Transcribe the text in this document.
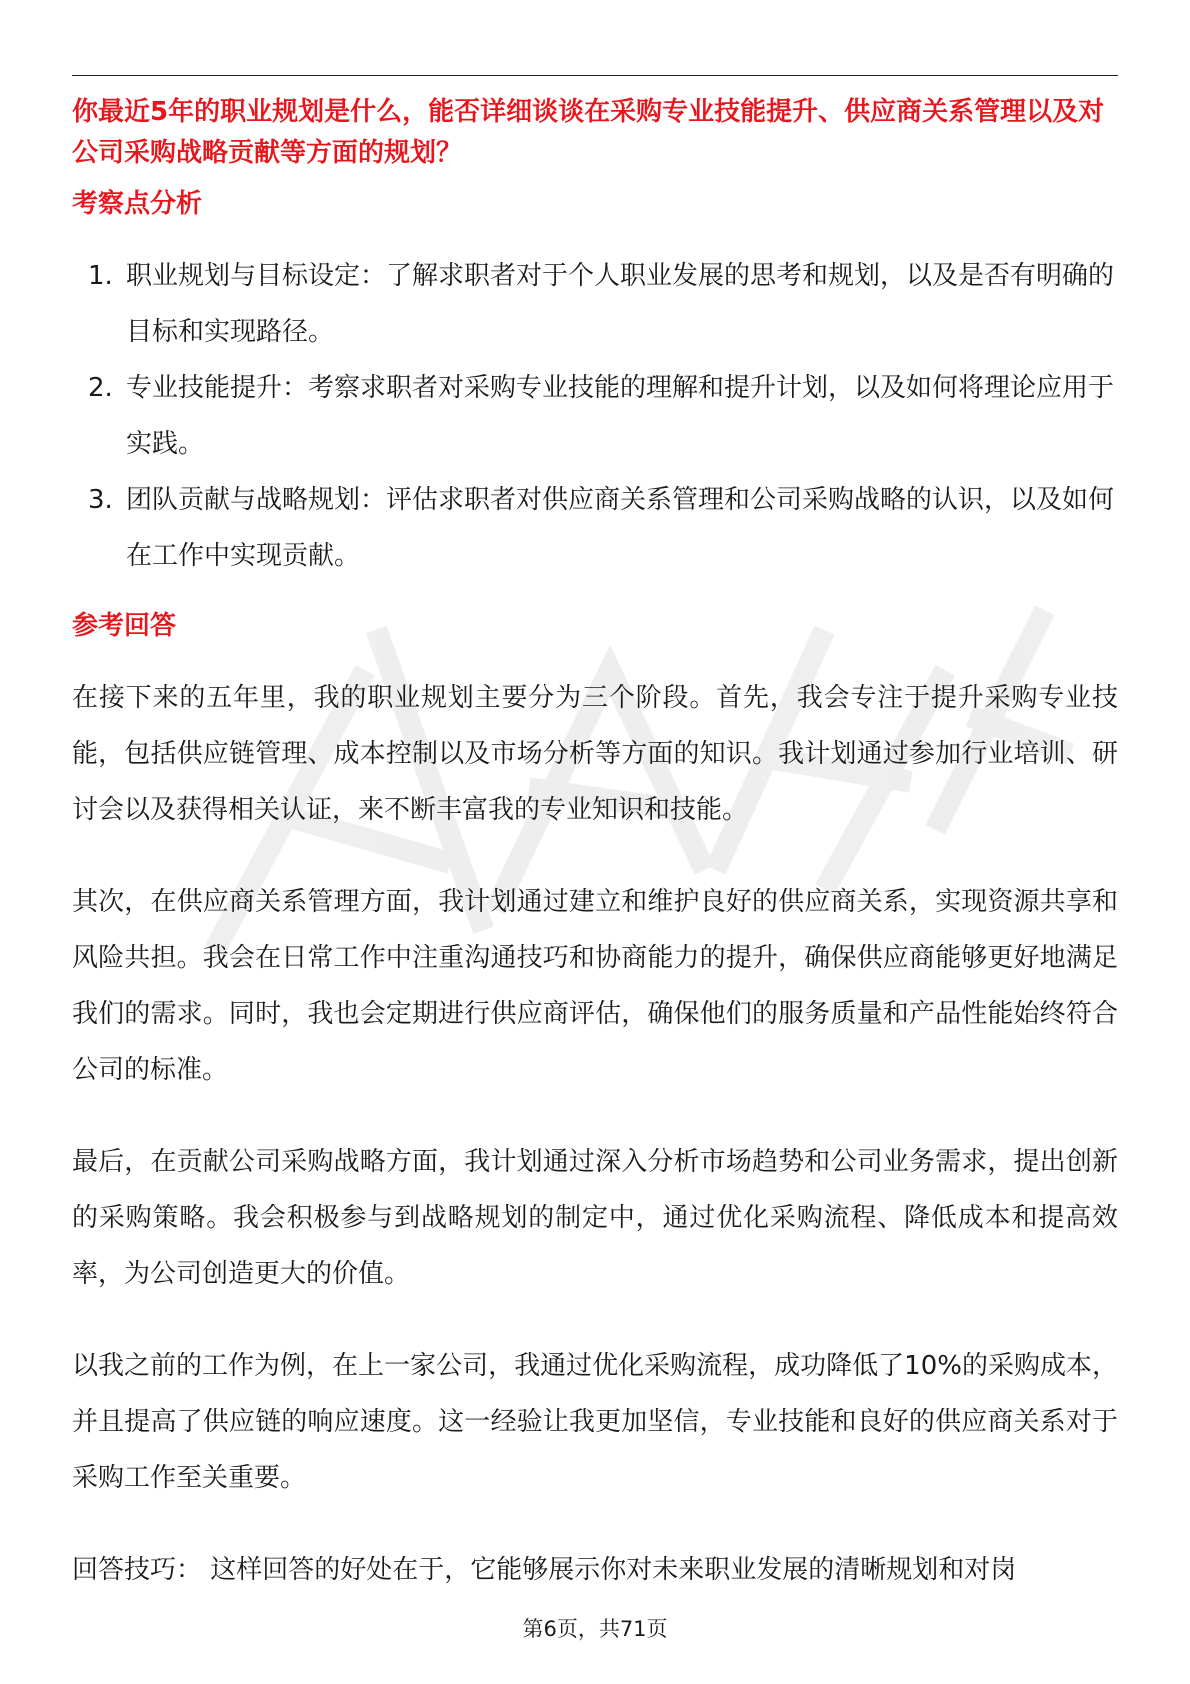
你最近5年的职业规划是什么，能否详细谈谈在采购专业技能提升、供应商关系管理以及对公司采购战略贡献等方面的规划？

考察点分析
1. 职业规划与目标设定：了解求职者对于个人职业发展的思考和规划，以及是否有明确的目标和实现路径。
2. 专业技能提升：考察求职者对采购专业技能的理解和提升计划，以及如何将理论应用于实践。
3. 团队贡献与战略规划：评估求职者对供应商关系管理和公司采购战略的认识，以及如何在工作中实现贡献。
参考回答

在接下来的五年里，我的职业规划主要分为三个阶段。首先，我会专注于提升采购专业技能，包括供应链管理、成本控制以及市场分析等方面的知识。我计划通过参加行业培训、研讨会以及获得相关认证，来不断丰富我的专业知识和技能。

其次，在供应商关系管理方面，我计划通过建立和维护良好的供应商关系，实现资源共享和风险共担。我会在日常工作中注重沟通技巧和协商能力的提升，确保供应商能够更好地满足我们的需求。同时，我也会定期进行供应商评估，确保他们的服务质量和产品性能始终符合公司的标准。

最后，在贡献公司采购战略方面，我计划通过深入分析市场趋势和公司业务需求，提出创新的采购策略。我会积极参与到战略规划的制定中，通过优化采购流程、降低成本和提高效率，为公司创造更大的价值。

以我之前的工作为例，在上一家公司，我通过优化采购流程，成功降低了10%的采购成本，并且提高了供应链的响应速度。这一经验让我更加坚信，专业技能和良好的供应商关系对于采购工作至关重要。

回答技巧： 这样回答的好处在于，它能够展示你对未来职业发展的清晰规划和对岗

第6页，共71页
